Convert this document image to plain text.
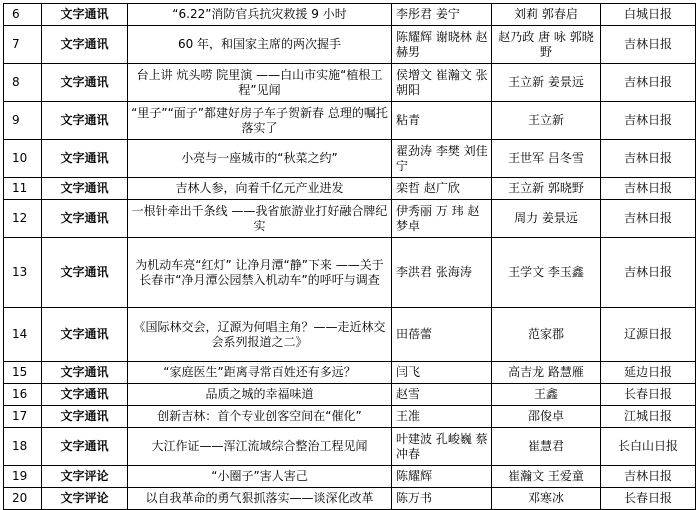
6	文字通讯	“6.22”消防官兵抗灾救援 9 小时	李彤君 姜宁	刘莉 郭春启	白城日报
7	文字通讯	60 年，和国家主席的两次握手	陈耀辉 谢晓林 赵赫男	赵乃政 唐 咏 郭晓野	吉林日报
8	文字通讯	台上讲 炕头唠 院里演 ——白山市实施“植根工程”见闻	侯增文 崔瀚文 张朝阳	王立新 姜景远	吉林日报
9	文字通讯	“里子”“面子”都建好房子车子贺新春 总理的嘱托落实了	粘青	王立新	吉林日报
10	文字通讯	小亮与一座城市的“秋菜之约”	翟劲涛 李樊 刘佳宁	王世军 吕冬雪	吉林日报
11	文字通讯	吉林人参，向着千亿元产业进发	栾哲 赵广欣	王立新 郭晓野	吉林日报
12	文字通讯	一根针牵出千条线 ——我省旅游业打好融合牌纪实	伊秀丽 万 玮 赵梦卓	周力 姜景远	吉林日报
13	文字通讯	为机动车亮“红灯” 让净月潭“静”下来 ——关于长春市“净月潭公园禁入机动车”的呼吁与调查	李洪君 张海涛	王学文 李玉鑫	吉林日报
14	文字通讯	《国际林交会，辽源为何唱主角？——走近林交会系列报道之二》	田蓓蕾	范家郡	辽源日报
15	文字通讯	“家庭医生”距离寻常百姓还有多远？	闫飞	高吉龙 路慧雁	延边日报
16	文字通讯	品质之城的幸福味道	赵雪	王鑫	长春日报
17	文字通讯	创新吉林：首个专业创客空间在“催化”	王准	邵俊卓	江城日报
18	文字通讯	大江作证——浑江流域综合整治工程见闻	叶建波 孔峻巍 蔡冲春	崔慧君	长白山日报
19	文字评论	“小圈子”害人害己	陈耀辉	崔瀚文 王爱童	吉林日报
20	文字评论	以自我革命的勇气狠抓落实——谈深化改革	陈万书	邓寒冰	长春日报
